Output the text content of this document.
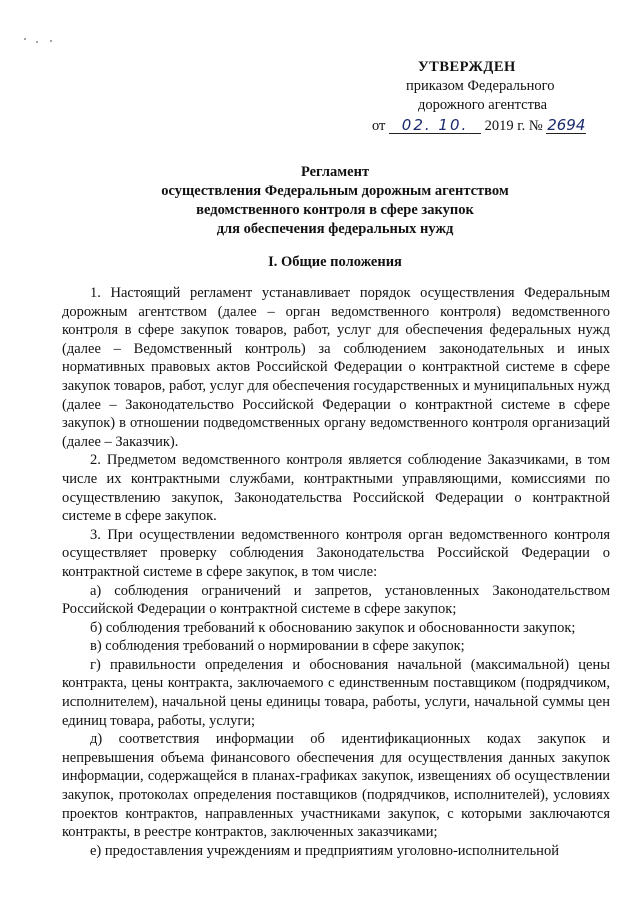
УТВЕРЖДЕН
приказом Федерального
дорожного агентства
от 02. 10. 2019 г. № 2694
Регламент
осуществления Федеральным дорожным агентством
ведомственного контроля в сфере закупок
для обеспечения федеральных нужд
I. Общие положения

1. Настоящий регламент устанавливает порядок осуществления Федеральным дорожным агентством (далее – орган ведомственного контроля) ведомственного контроля в сфере закупок товаров, работ, услуг для обеспечения федеральных нужд (далее – Ведомственный контроль) за соблюдением законодательных и иных нормативных правовых актов Российской Федерации о контрактной системе в сфере закупок товаров, работ, услуг для обеспечения государственных и муниципальных нужд (далее – Законодательство Российской Федерации о контрактной системе в сфере закупок) в отношении подведомственных органу ведомственного контроля организаций (далее – Заказчик).

2. Предметом ведомственного контроля является соблюдение Заказчиками, в том числе их контрактными службами, контрактными управляющими, комиссиями по осуществлению закупок, Законодательства Российской Федерации о контрактной системе в сфере закупок.

3. При осуществлении ведомственного контроля орган ведомственного контроля осуществляет проверку соблюдения Законодательства Российской Федерации о контрактной системе в сфере закупок, в том числе:

а) соблюдения ограничений и запретов, установленных Законодательством Российской Федерации о контрактной системе в сфере закупок;

б) соблюдения требований к обоснованию закупок и обоснованности закупок;

в) соблюдения требований о нормировании в сфере закупок;

г) правильности определения и обоснования начальной (максимальной) цены контракта, цены контракта, заключаемого с единственным поставщиком (подрядчиком, исполнителем), начальной цены единицы товара, работы, услуги, начальной суммы цен единиц товара, работы, услуги;

д) соответствия информации об идентификационных кодах закупок и непревышения объема финансового обеспечения для осуществления данных закупок информации, содержащейся в планах-графиках закупок, извещениях об осуществлении закупок, протоколах определения поставщиков (подрядчиков, исполнителей), условиях проектов контрактов, направленных участниками закупок, с которыми заключаются контракты, в реестре контрактов, заключенных заказчиками;

е) предоставления учреждениям и предприятиям уголовно-исполнительной
